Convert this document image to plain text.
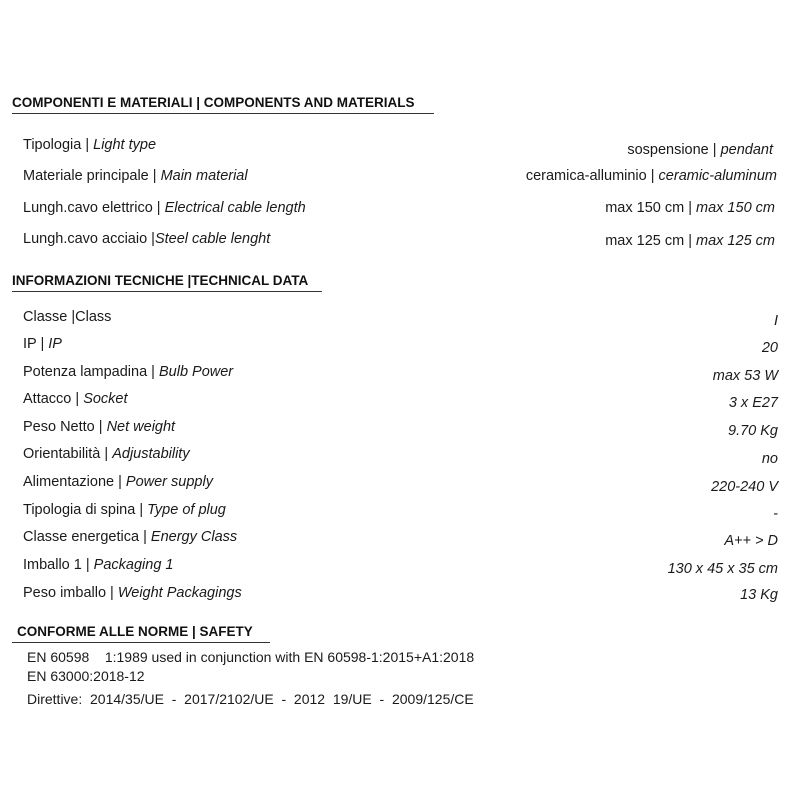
COMPONENTI E MATERIALI | COMPONENTS AND MATERIALS
Tipologia | Light type	sospensione | pendant
Materiale principale | Main material	ceramica-alluminio | ceramic-aluminum
Lungh.cavo elettrico | Electrical cable length	max 150 cm | max 150 cm
Lungh.cavo acciaio |Steel cable lenght	max 125 cm | max 125 cm
INFORMAZIONI TECNICHE |TECHNICAL DATA
Classe |Class	I
IP | IP	20
Potenza lampadina | Bulb Power	max 53 W
Attacco | Socket	3 x E27
Peso Netto | Net weight	9.70 Kg
Orientabilità | Adjustability	no
Alimentazione | Power supply	220-240 V
Tipologia di spina | Type of plug	-
Classe energetica | Energy Class	A++ > D
Imballo 1 | Packaging 1	130 x 45 x 35 cm
Peso imballo | Weight Packagings	13 Kg
CONFORME ALLE NORME | SAFETY
EN 60598    1:1989 used in conjunction with EN 60598-1:2015+A1:2018
EN 63000:2018-12
Direttive:  2014/35/UE  -  2017/2102/UE  -  2012  19/UE  -  2009/125/CE
